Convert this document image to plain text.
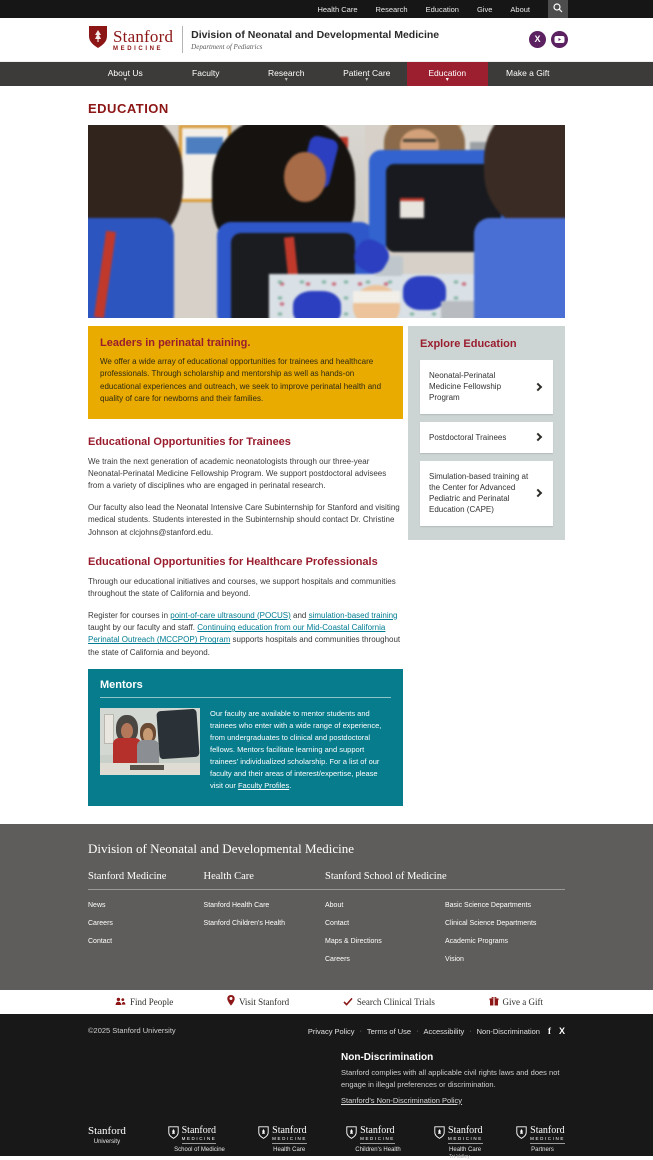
Health Care Research Education Give About
Stanford
MEDICINE
Division of Neonatal and Developmental Medicine
Department of Pediatrics
X
About Us
▾
Faculty	Research
▾
Patient Care
▾
Education
▾
Make a Gift
EDUCATION
Leaders in perinatal training.

We offer a wide array of educational opportunities for trainees and healthcare professionals. Through scholarship and mentorship as well as hands-on educational experiences and outreach, we seek to improve perinatal health and quality of care for newborns and their families.

Educational Opportunities for Trainees

We train the next generation of academic neonatologists through our three-year Neonatal-Perinatal Medicine Fellowship Program. We support postdoctoral advisees from a variety of disciplines who are engaged in perinatal research.

Our faculty also lead the Neonatal Intensive Care Subinternship for Stanford and visiting medical students. Students interested in the Subinternship should contact Dr. Christine Johnson at clcjohns@stanford.edu.

Educational Opportunities for Healthcare Professionals

Through our educational initiatives and courses, we support hospitals and communities throughout the state of California and beyond.

Register for courses in point-of-care ultrasound (POCUS) and simulation-based training taught by our faculty and staff. Continuing education from our Mid-Coastal California Perinatal Outreach (MCCPOP) Program supports hospitals and communities throughout the state of California and beyond.

Mentors

Our faculty are available to mentor students and trainees who enter with a wide range of experience, from undergraduates to clinical and postdoctoral fellows. Mentors facilitate learning and support trainees' individualized scholarship. For a list of our faculty and their areas of interest/expertise, please visit our Faculty Profiles.

Explore Education
Neonatal-Perinatal Medicine Fellowship Program
Postdoctoral Trainees
Simulation-based training at the Center for Advanced Pediatric and Perinatal Education (CAPE)
Division of Neonatal and Developmental Medicine
Stanford Medicine
News
Careers
Contact
Health Care
Stanford Health Care
Stanford Children's Health
Stanford School of Medicine
About
Contact
Maps & Directions
Careers
Basic Science Departments
Clinical Science Departments
Academic Programs
Vision
Find People	Visit Stanford	Search Clinical Trials	Give a Gift
©2025 Stanford University	Privacy Policy · Terms of Use · Accessibility · Non-Discrimination f X
Non-Discrimination

Stanford complies with all applicable civil rights laws and does not engage in illegal preferences or discrimination.

Stanford's Non-Discrimination Policy
Stanford
University
Stanford
MEDICINE
School of Medicine
Stanford
MEDICINE
Health Care
Stanford
MEDICINE
Children's Health
Stanford
MEDICINE
Health Care
Tri-Valley
Stanford
MEDICINE
Partners
